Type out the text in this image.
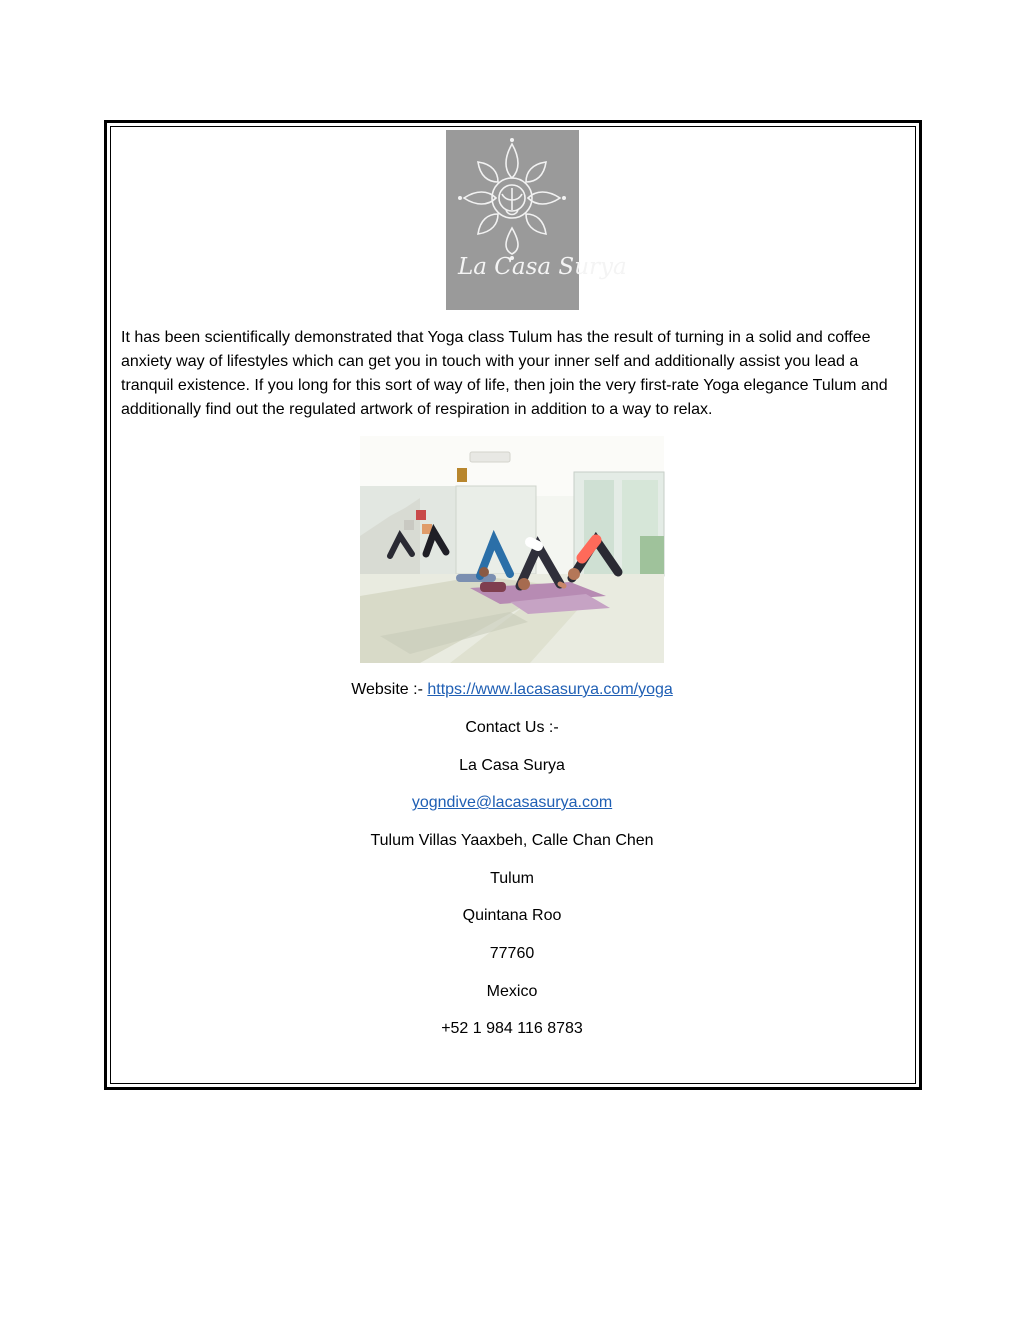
La Casa Surya

It has been scientifically demonstrated that Yoga class Tulum has the result of turning in a solid and coffee anxiety way of lifestyles which can get you in touch with your inner self and additionally assist you lead a tranquil existence. If you long for this sort of way of life, then join the very first-rate Yoga elegance Tulum and additionally find out the regulated artwork of respiration in addition to a way to relax.

Website :- https://www.lacasasurya.com/yoga
Contact Us :-
La Casa Surya
yogndive@lacasasurya.com
Tulum Villas Yaaxbeh, Calle Chan Chen
Tulum
Quintana Roo
77760
Mexico
+52 1 984 116 8783
